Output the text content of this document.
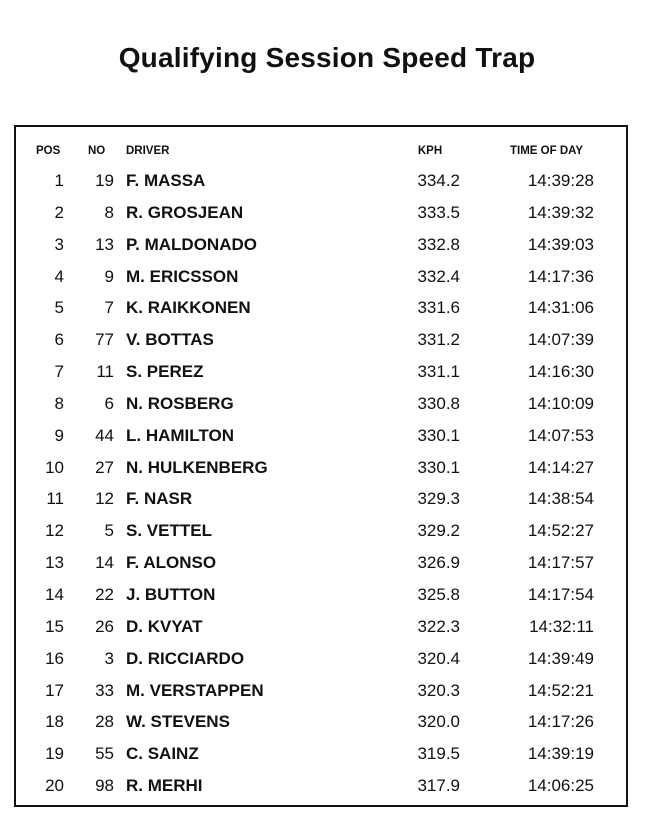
Qualifying Session Speed Trap
POS	NO	DRIVER	KPH	TIME OF DAY
1	19 F. MASSA	334.2	14:39:28
2	8 R. GROSJEAN	333.5	14:39:32
3	13 P. MALDONADO	332.8	14:39:03
4	9 M. ERICSSON	332.4	14:17:36
5	7 K. RAIKKONEN	331.6	14:31:06
6	77 V. BOTTAS	331.2	14:07:39
7	11 S. PEREZ	331.1	14:16:30
8	6 N. ROSBERG	330.8	14:10:09
9	44 L. HAMILTON	330.1	14:07:53
10	27 N. HULKENBERG	330.1	14:14:27
11	12 F. NASR	329.3	14:38:54
12	5 S. VETTEL	329.2	14:52:27
13	14 F. ALONSO	326.9	14:17:57
14	22 J. BUTTON	325.8	14:17:54
15	26 D. KVYAT	322.3	14:32:11
16	3 D. RICCIARDO	320.4	14:39:49
17	33 M. VERSTAPPEN	320.3	14:52:21
18	28 W. STEVENS	320.0	14:17:26
19	55 C. SAINZ	319.5	14:39:19
20	98 R. MERHI	317.9	14:06:25
